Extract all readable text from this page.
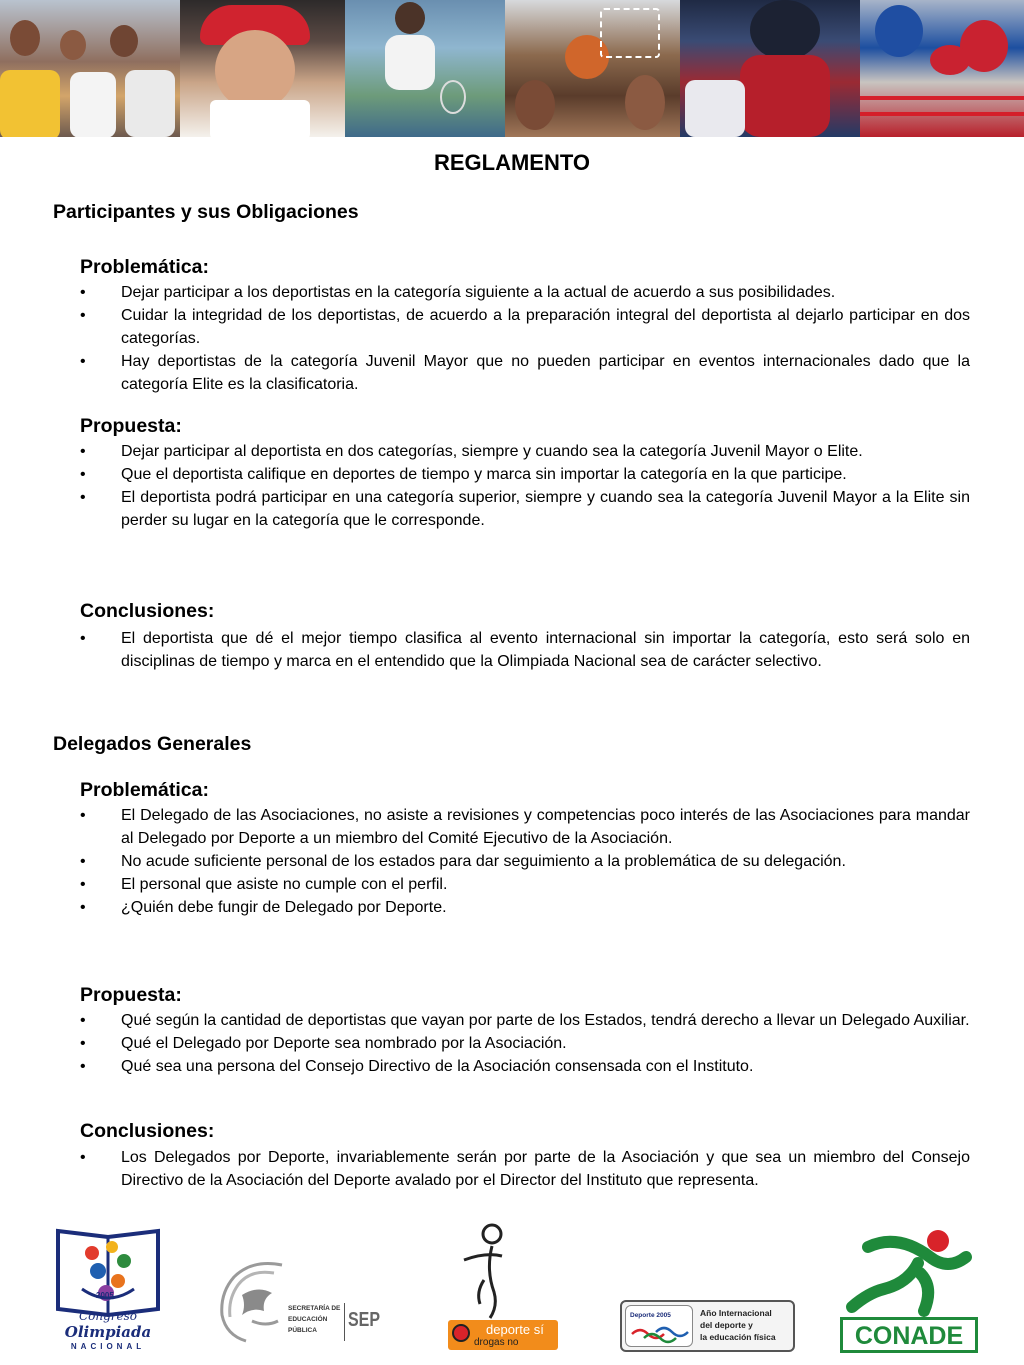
REGLAMENTO
Participantes y sus Obligaciones
Problemática:
• Dejar participar a los deportistas en la categoría siguiente a la actual de acuerdo a sus posibilidades.
• Cuidar la integridad de los deportistas, de acuerdo a la preparación integral del deportista al dejarlo participar en dos categorías.
• Hay deportistas de la categoría Juvenil Mayor que no pueden participar en eventos internacionales dado que la categoría Elite es la clasificatoria.
Propuesta:
• Dejar participar al deportista en dos categorías, siempre y cuando sea la categoría Juvenil Mayor o Elite.
• Que el deportista califique en deportes de tiempo y marca sin importar la categoría en la que participe.
• El deportista podrá participar en una categoría superior, siempre y cuando sea la categoría Juvenil Mayor a la Elite sin perder su lugar en la categoría que le corresponde.
Conclusiones:
• El deportista que dé el mejor tiempo clasifica al evento internacional sin importar la categoría, esto será solo en disciplinas de tiempo y marca en el entendido que la Olimpiada Nacional sea de carácter selectivo.
Delegados Generales
Problemática:
• El Delegado de las Asociaciones, no asiste a revisiones y competencias poco interés de las Asociaciones para mandar al Delegado por Deporte a un miembro del Comité Ejecutivo de la Asociación.
• No acude suficiente personal de los estados para dar seguimiento a la problemática de su delegación.
• El personal que asiste no cumple con el perfil.
• ¿Quién debe fungir de Delegado por Deporte.
Propuesta:
• Qué según la cantidad de deportistas que vayan por parte de los Estados, tendrá derecho a llevar un Delegado Auxiliar.
• Qué el Delegado por Deporte sea nombrado por la Asociación.
• Qué sea una persona del Consejo Directivo de la Asociación consensada con el Instituto.
Conclusiones:
• Los Delegados por Deporte, invariablemente serán por parte de la Asociación y que sea un miembro del Consejo Directivo de la Asociación del Deporte avalado por el Director del Instituto que representa.
2005
Congreso
Olimpiada
NACIONAL
SECRETARÍA DE
EDUCACIÓN
PÚBLICA SEP	deporte sí
drogas no
Deporte 2005	Año Internacional
del deporte y
la educación física	CONADE
